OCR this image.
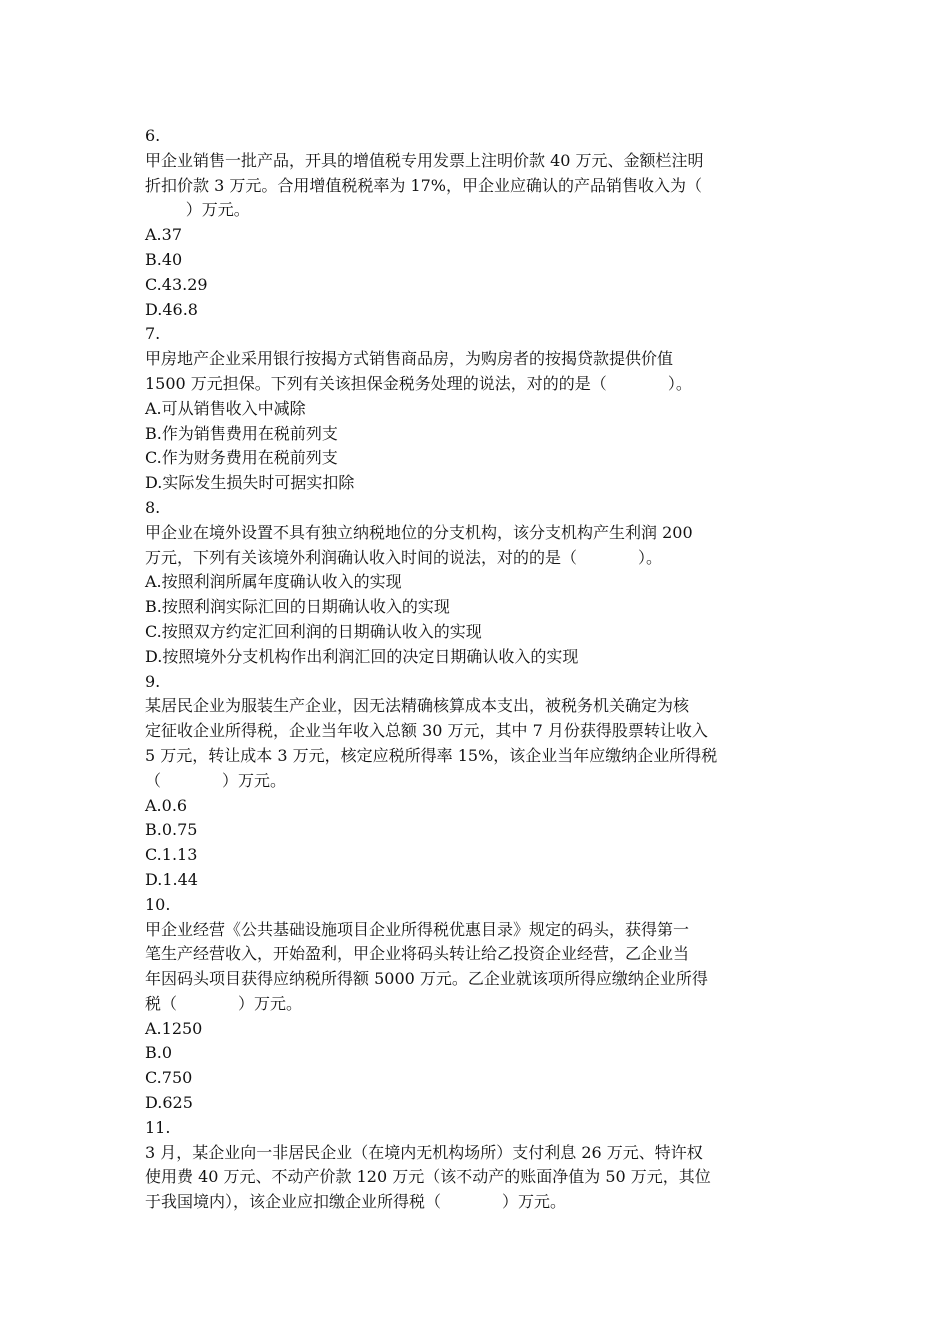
6.
甲企业销售一批产品，开具的增值税专用发票上注明价款 40 万元、金额栏注明
折扣价款 3 万元。合用增值税税率为 17%，甲企业应确认的产品销售收入为（
）万元。
A.37
B.40
C.43.29
D.46.8
7.
甲房地产企业采用银行按揭方式销售商品房，为购房者的按揭贷款提供价值
1500 万元担保。下列有关该担保金税务处理的说法，对的的是（            ）。
A.可从销售收入中减除
B.作为销售费用在税前列支
C.作为财务费用在税前列支
D.实际发生损失时可据实扣除
8.
甲企业在境外设置不具有独立纳税地位的分支机构，该分支机构产生利润 200
万元，下列有关该境外利润确认收入时间的说法，对的的是（            ）。
A.按照利润所属年度确认收入的实现
B.按照利润实际汇回的日期确认收入的实现
C.按照双方约定汇回利润的日期确认收入的实现
D.按照境外分支机构作出利润汇回的决定日期确认收入的实现
9.
某居民企业为服装生产企业，因无法精确核算成本支出，被税务机关确定为核
定征收企业所得税，企业当年收入总额 30 万元，其中 7 月份获得股票转让收入
5 万元，转让成本 3 万元，核定应税所得率 15%，该企业当年应缴纳企业所得税
（            ）万元。
A.0.6
B.0.75
C.1.13
D.1.44
10.
甲企业经营《公共基础设施项目企业所得税优惠目录》规定的码头，获得第一
笔生产经营收入，开始盈利，甲企业将码头转让给乙投资企业经营，乙企业当
年因码头项目获得应纳税所得额 5000 万元。乙企业就该项所得应缴纳企业所得
税（            ）万元。
A.1250
B.0
C.750
D.625
11.
3 月，某企业向一非居民企业（在境内无机构场所）支付利息 26 万元、特许权
使用费 40 万元、不动产价款 120 万元（该不动产的账面净值为 50 万元，其位
于我国境内），该企业应扣缴企业所得税（            ）万元。
